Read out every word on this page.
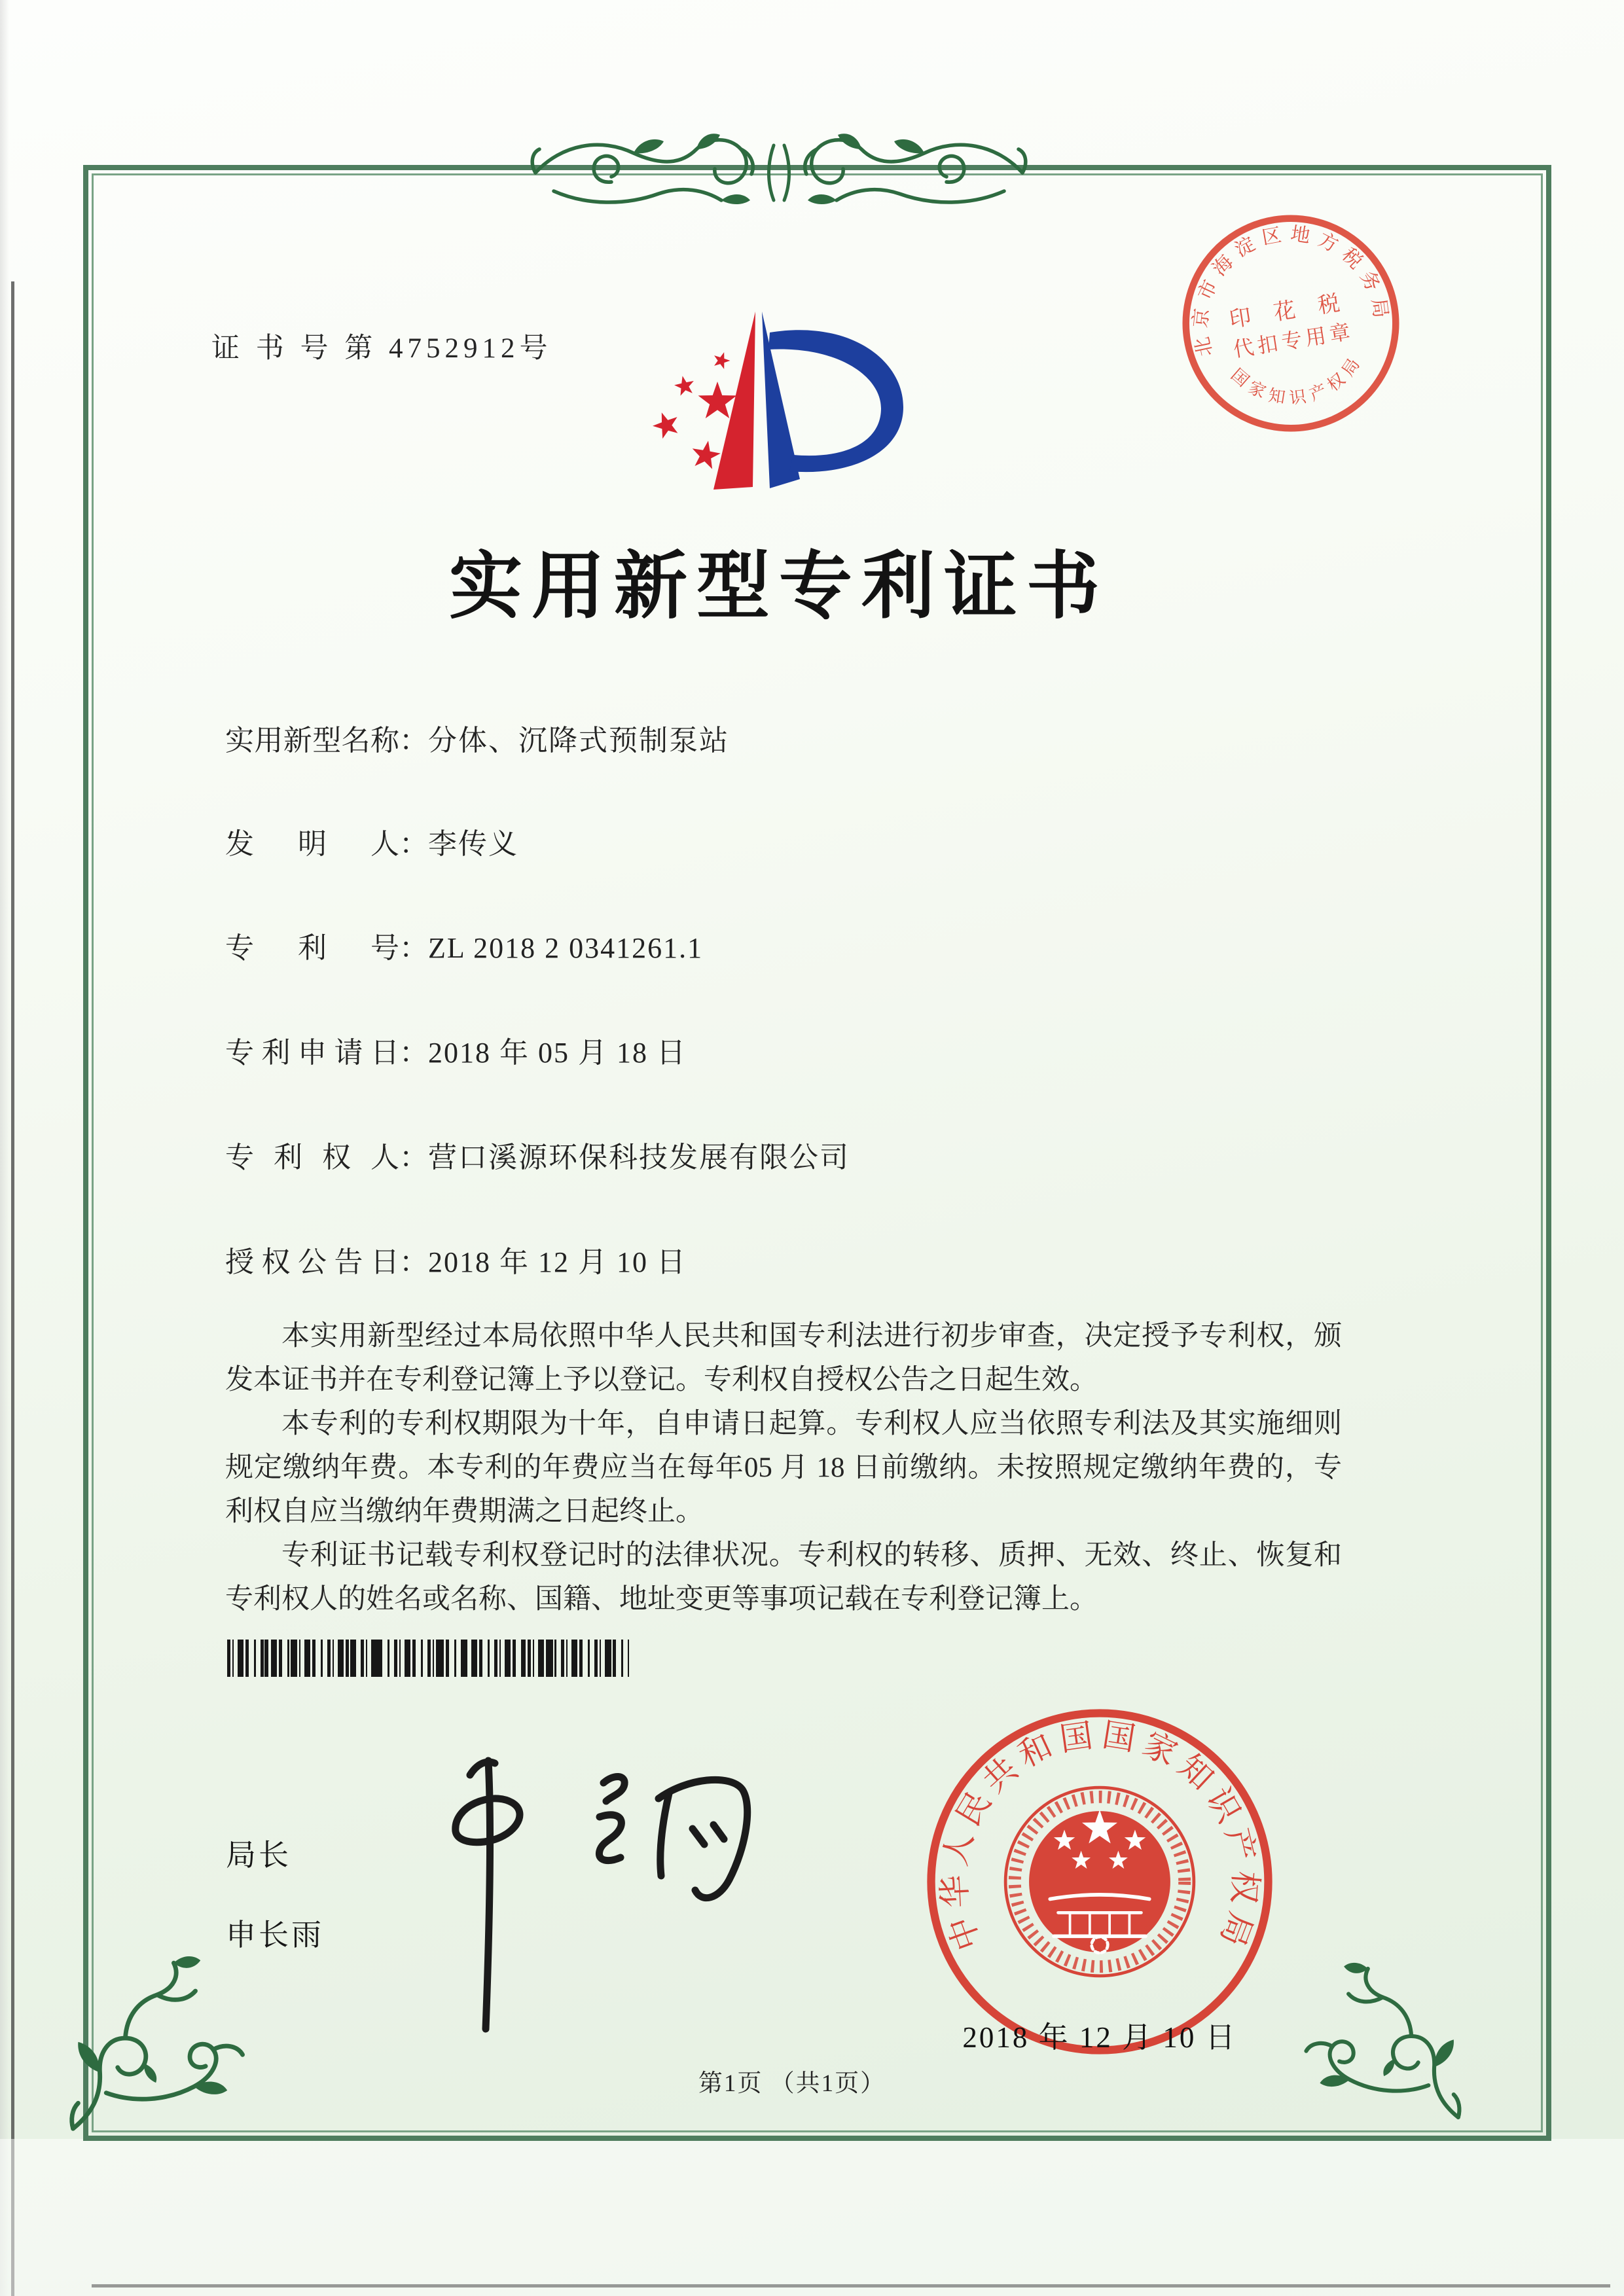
证 书 号 第 4752912号	北京市海淀区地方税务局
国家知识产权局
印 花 税
代扣专用章
实用新型专利证书
实用新型名称：分体、沉降式预制泵站
发明人：李传义
专利号：ZL 2018 2 0341261.1
专利申请日：2018 年 05 月 18 日
专利权人：营口溪源环保科技发展有限公司
授权公告日：2018 年 12 月 10 日

本实用新型经过本局依照中华人民共和国专利法进行初步审查，决定授予专利权，颁发本证书并在专利登记簿上予以登记。专利权自授权公告之日起生效。

本专利的专利权期限为十年，自申请日起算。专利权人应当依照专利法及其实施细则规定缴纳年费。本专利的年费应当在每年05 月 18 日前缴纳。未按照规定缴纳年费的，专利权自应当缴纳年费期满之日起终止。

专利证书记载专利权登记时的法律状况。专利权的转移、质押、无效、终止、恢复和专利权人的姓名或名称、国籍、地址变更等事项记载在专利登记簿上。

局长
申长雨	中华人民共和国国家知识产权局
2018 年 12 月 10 日
第1页 （共1页）
